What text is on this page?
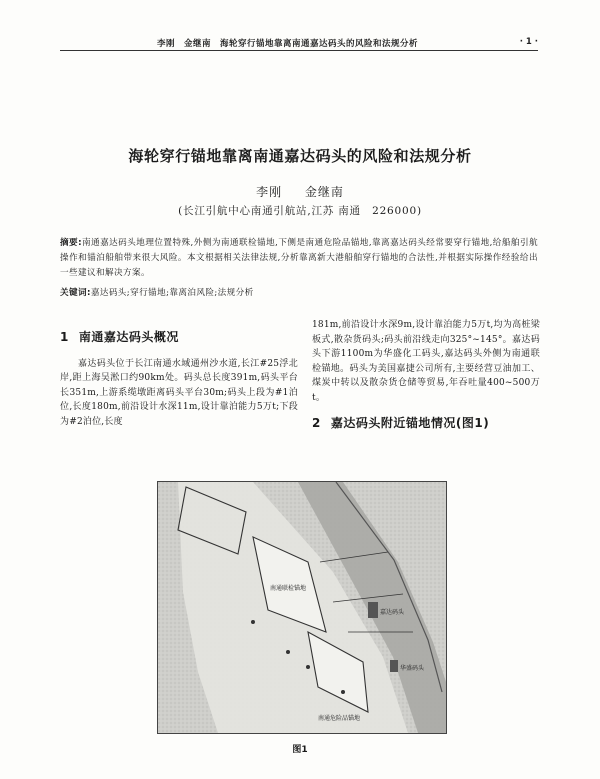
李刚　金继南　海轮穿行锚地靠离南通嘉达码头的风险和法规分析	· 1 ·
海轮穿行锚地靠离南通嘉达码头的风险和法规分析
李刚 金继南
(长江引航中心南通引航站,江苏 南通　226000)
摘要:南通嘉达码头地理位置特殊,外侧为南通联检锚地,下侧是南通危险品锚地,靠离嘉达码头经常要穿行锚地,给船舶引航操作和锚泊船舶带来很大风险。本文根据相关法律法规,分析靠离新大港船舶穿行锚地的合法性,并根据实际操作经验给出一些建议和解决方案。
关键词:嘉达码头;穿行锚地;靠离泊风险;法规分析
1 南通嘉达码头概况

嘉达码头位于长江南通水域通州沙水道,长江#25浮北岸,距上海吴淞口约90km处。码头总长度391m,码头平台长351m,上游系缆墩距离码头平台30m;码头上段为#1泊位,长度180m,前沿设计水深11m,设计靠泊能力5万t;下段为#2泊位,长度

181m,前沿设计水深9m,设计靠泊能力5万t,均为高桩梁板式,散杂货码头;码头前沿线走向325°~145°。嘉达码头下游1100m为华盛化工码头,嘉达码头外侧为南通联检锚地。码头为美国嘉捷公司所有,主要经营豆油加工、煤炭中转以及散杂货仓储等贸易,年吞吐量400~500万t。

2 嘉达码头附近锚地情况(图1)
南通联检锚地
南通危险品锚地
嘉达码头
华盛码头
图1
